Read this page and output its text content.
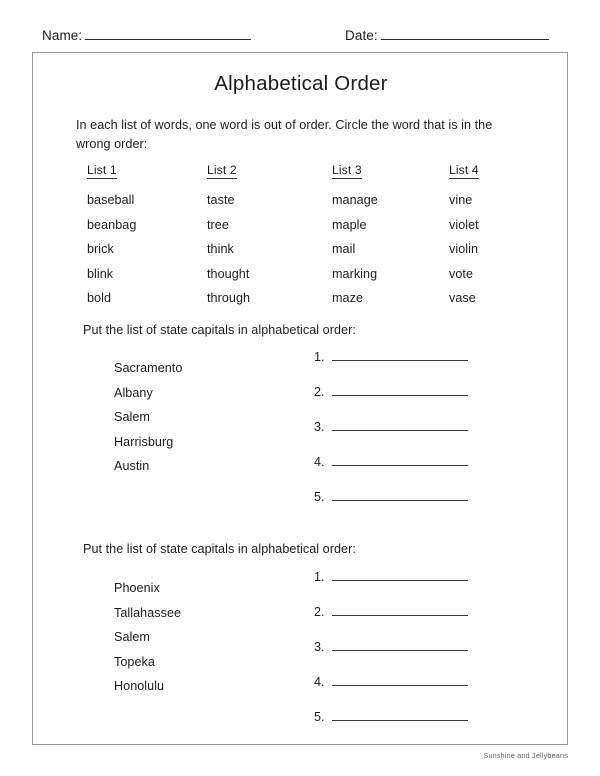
Name:	Date:
Alphabetical Order
In each list of words, one word is out of order. Circle the word that is in the wrong order:
List 1
baseball
beanbag
brick
blink
bold
List 2
taste
tree
think
thought
through
List 3
manage
maple
mail
marking
maze
List 4
vine
violet
violin
vote
vase
Put the list of state capitals in alphabetical order:
Sacramento
Albany
Salem
Harrisburg
Austin
1.
2.
3.
4.
5.
Put the list of state capitals in alphabetical order:
Phoenix
Tallahassee
Salem
Topeka
Honolulu
1.
2.
3.
4.
5.
Sunshine and Jellybeans
